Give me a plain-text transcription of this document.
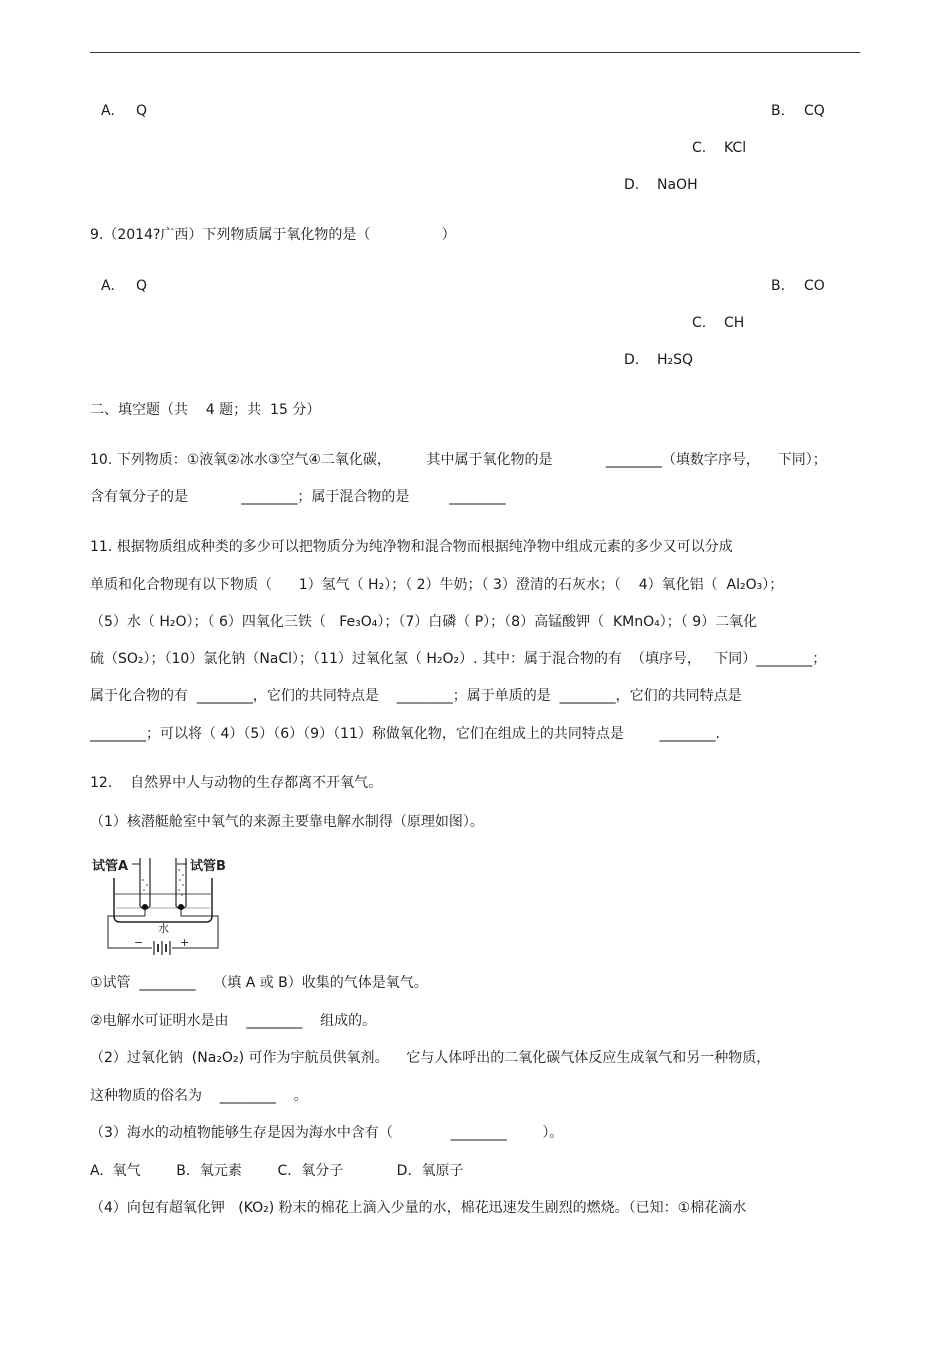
A. Q	B. CQ
C. KCl
D. NaOH
9.（2014?广西）下列物质属于氧化物的是（                ）
A. Q	B. CO
C. CH
D. H₂SQ
二、填空题（共    4 题；共  15 分）
10. 下列物质：①液氧②冰水③空气④二氧化碳，        其中属于氧化物的是            ________（填数字序号，    下同）；
含有氧分子的是            ________；属于混合物的是         ________
11. 根据物质组成种类的多少可以把物质分为纯净物和混合物而根据纯净物中组成元素的多少又可以分成
单质和化合物现有以下物质（      1）氢气（ H₂）；（ 2）牛奶；（ 3）澄清的石灰水；（    4）氧化铝（  Al₂O₃）；
（5）水（ H₂O）；（ 6）四氧化三铁（   Fe₃O₄）；（7）白磷（ P）；（8）高锰酸钾（  KMnO₄）；（ 9）二氧化
硫（SO₂）；（10）氯化钠（NaCl）；（11）过氧化氢（ H₂O₂）. 其中：属于混合物的有  （填序号，   下同）________；
属于化合物的有  ________，它们的共同特点是    ________；属于单质的是  ________，它们的共同特点是
________；可以将（ 4）（5）（6）（9）（11）称做氧化物，它们在组成上的共同特点是        ________.
12.    自然界中人与动物的生存都离不开氧气。
（1）核潜艇舱室中氧气的来源主要靠电解水制得（原理如图）。
试管A	试管B
水
−	+
①试管  ________    （填 A 或 B）收集的气体是氧气。
②电解水可证明水是由    ________    组成的。
（2）过氧化钠  (Na₂O₂) 可作为宇航员供氧剂。    它与人体呼出的二氧化碳气体反应生成氧气和另一种物质，
这种物质的俗名为    ________    。
（3）海水的动植物能够生存是因为海水中含有（             ________        ）。
A.  氧气        B．氧元素        C．氧分子            D．氧原子
（4）向包有超氧化钾   (KO₂) 粉末的棉花上滴入少量的水，棉花迅速发生剧烈的燃烧。（已知：①棉花滴水
